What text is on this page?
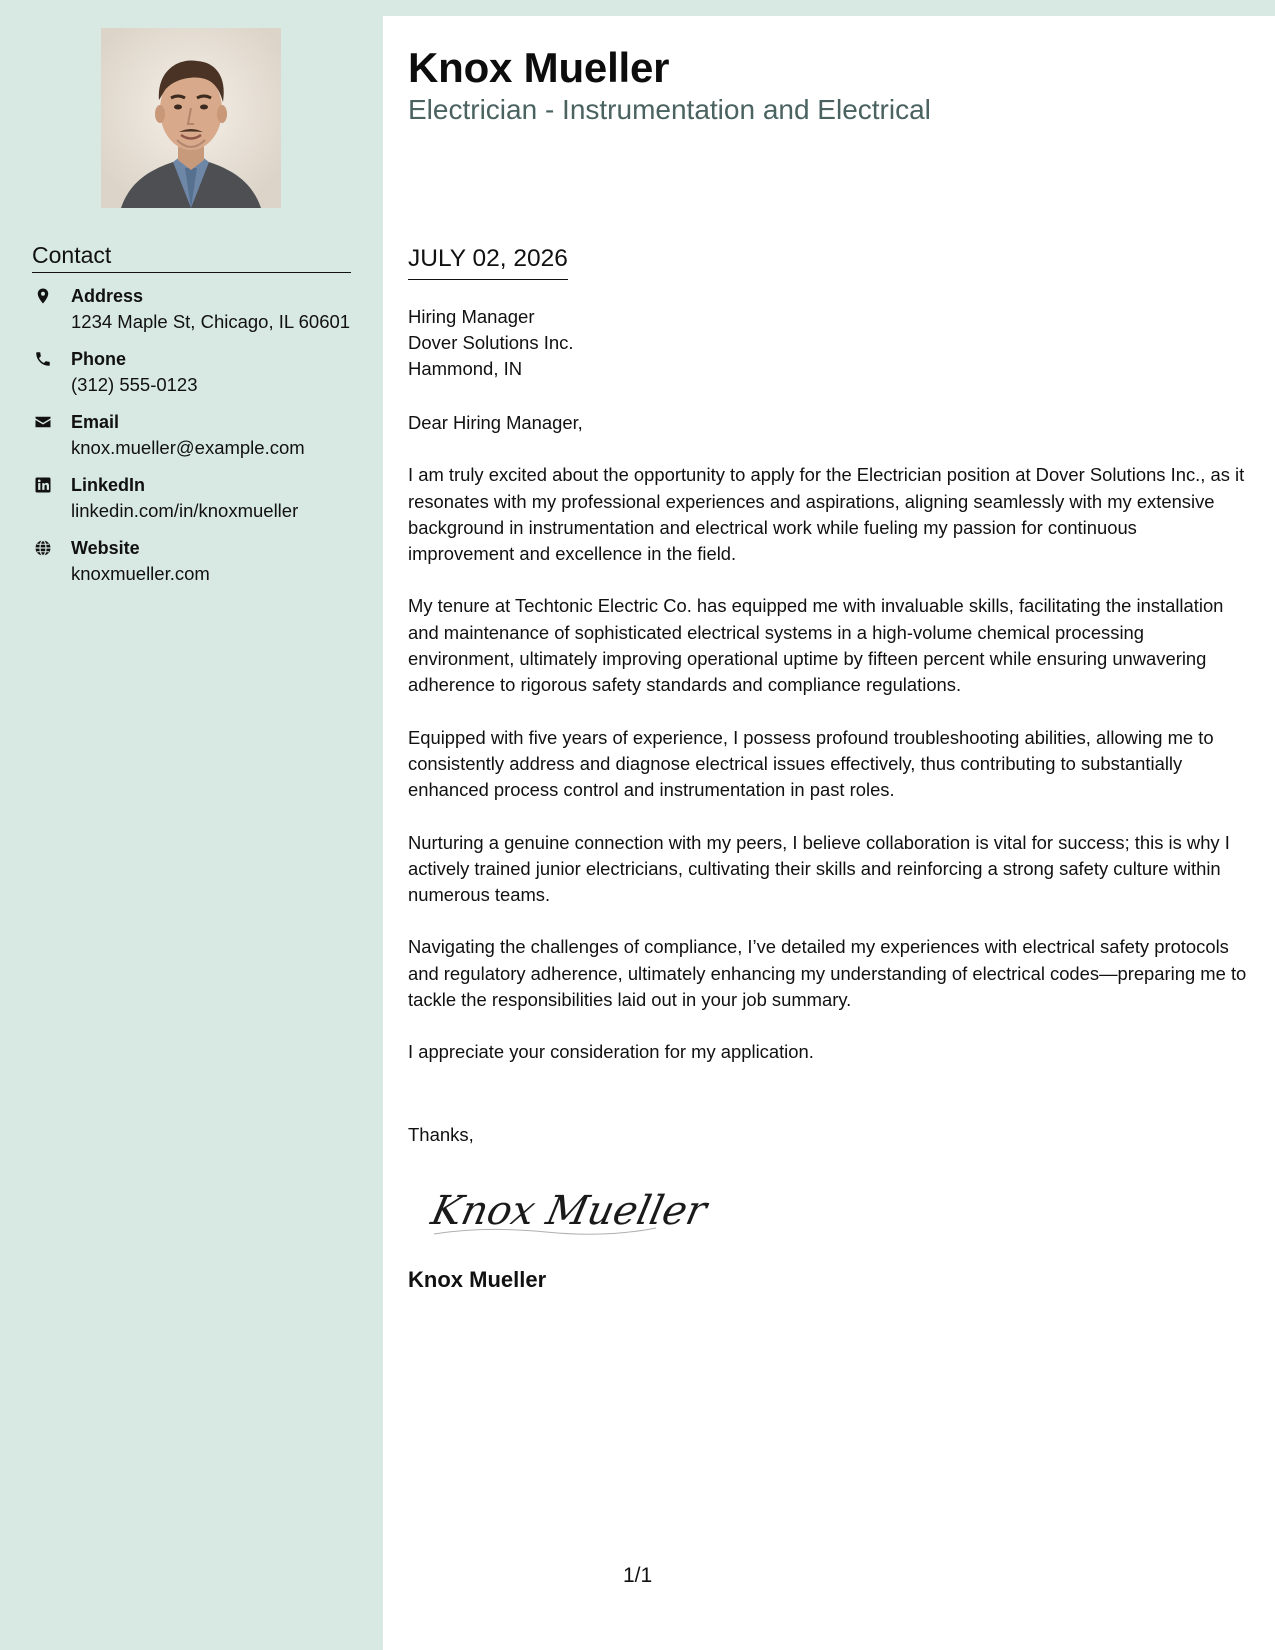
Contact
Address
1234 Maple St, Chicago, IL 60601
Phone
(312) 555-0123
Email
knox.mueller@example.com
LinkedIn
linkedin.com/in/knoxmueller
Website
knoxmueller.com
Knox Mueller
Electrician - Instrumentation and Electrical
JULY 02, 2026
Hiring Manager
Dover Solutions Inc.
Hammond, IN

Dear Hiring Manager,

I am truly excited about the opportunity to apply for the Electrician position at Dover Solutions Inc., as it resonates with my professional experiences and aspirations, aligning seamlessly with my extensive background in instrumentation and electrical work while fueling my passion for continuous improvement and excellence in the field.

My tenure at Techtonic Electric Co. has equipped me with invaluable skills, facilitating the installation and maintenance of sophisticated electrical systems in a high-volume chemical processing environment, ultimately improving operational uptime by fifteen percent while ensuring unwavering adherence to rigorous safety standards and compliance regulations.

Equipped with five years of experience, I possess profound troubleshooting abilities, allowing me to consistently address and diagnose electrical issues effectively, thus contributing to substantially enhanced process control and instrumentation in past roles.

Nurturing a genuine connection with my peers, I believe collaboration is vital for success; this is why I actively trained junior electricians, cultivating their skills and reinforcing a strong safety culture within numerous teams.

Navigating the challenges of compliance, I’ve detailed my experiences with electrical safety protocols and regulatory adherence, ultimately enhancing my understanding of electrical codes—preparing me to tackle the responsibilities laid out in your job summary.

I appreciate your consideration for my application.

Thanks,
Knox Mueller
Knox Mueller
1/1
